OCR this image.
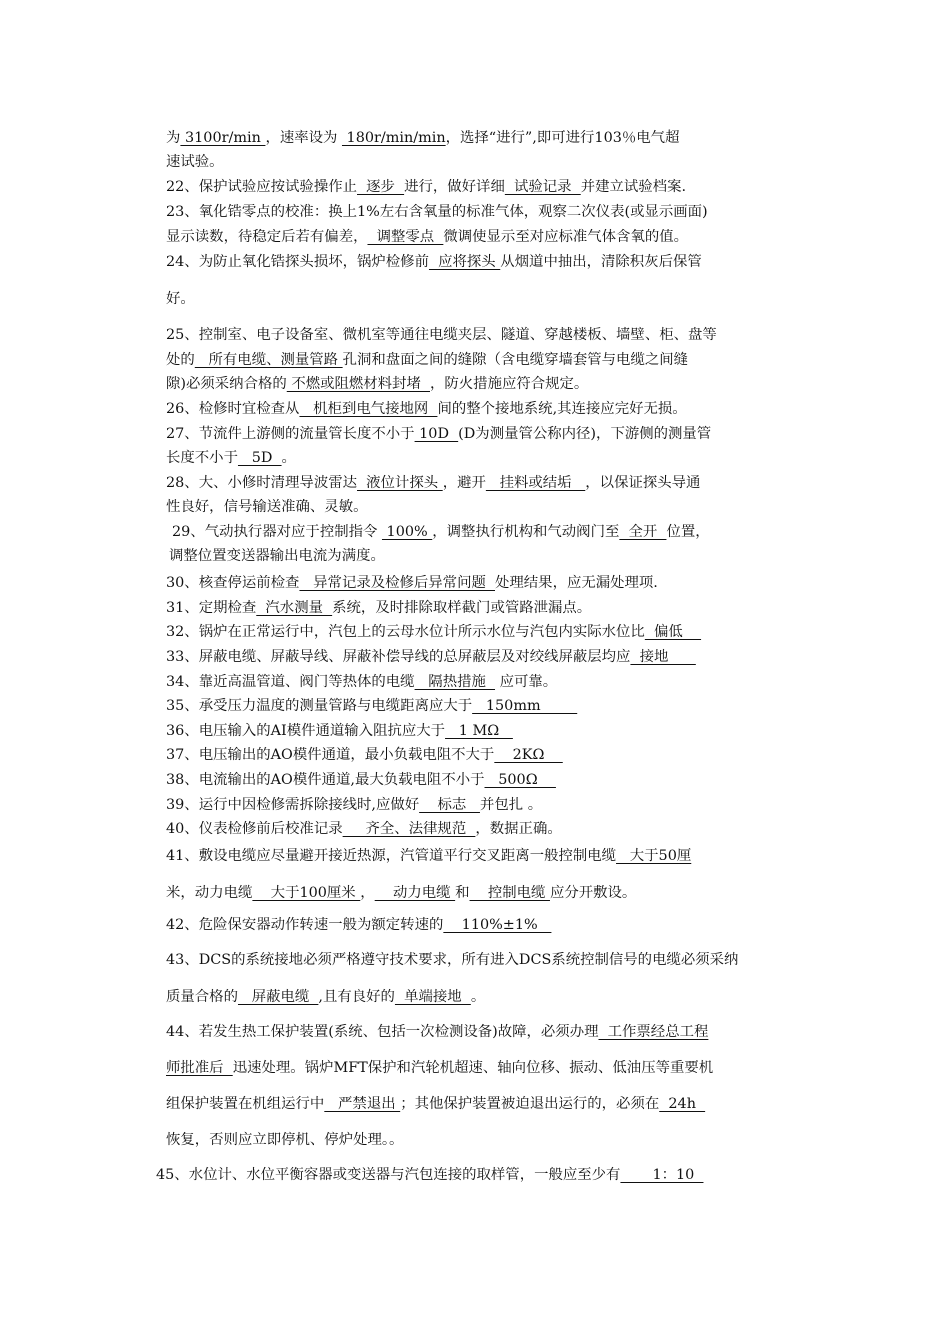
为 3100r/min ，速率设为  180r/min/min，选择“进行”,即可进行103％电气超
速试验。
22、保护试验应按试验操作止  逐步  进行，做好详细  试验记录  并建立试验档案.
23、氧化锆零点的校准：换上1%左右含氧量的标准气体，观察二次仪表(或显示画面)
显示读数，待稳定后若有偏差，  调整零点  微调使显示至对应标准气体含氧的值。
24、为防止氧化锆探头损坏，锅炉检修前  应将探头 从烟道中抽出，清除积灰后保管
好。
25、控制室、电子设备室、微机室等通往电缆夹层、隧道、穿越楼板、墙壁、柜、盘等
处的   所有电缆、测量管路 孔洞和盘面之间的缝隙（含电缆穿墙套管与电缆之间缝
隙)必须采纳合格的 不燃或阻燃材料封堵  ，防火措施应符合规定。
26、检修时宜检查从   机柜到电气接地网  间的整个接地系统,其连接应完好无损。
27、节流件上游侧的流量管长度不小于 10D  (D为测量管公称内径)，下游侧的测量管
长度不小于   5D  。
28、大、小修时清理导波雷达  液位计探头 ，避开   挂料或结垢   ，以保证探头导通
性良好，信号输送准确、灵敏。
29、气动执行器对应于控制指令  100% ，调整执行机构和气动阀门至  全开  位置，
调整位置变送器输出电流为满度。
30、核查停运前检查   异常记录及检修后异常问题  处理结果，应无漏处理项.
31、定期检查  汽水测量  系统，及时排除取样截门或管路泄漏点。
32、锅炉在正常运行中，汽包上的云母水位计所示水位与汽包内实际水位比  偏低
33、屏蔽电缆、屏蔽导线、屏蔽补偿导线的总屏蔽层及对绞线屏蔽层均应  接地
34、靠近高温管道、阀门等热体的电缆   隔热措施   应可靠。
35、承受压力温度的测量管路与电缆距离应大于   150mm
36、电压输入的AI模件通道输入阻抗应大于   1 MΩ
37、电压输出的AO模件通道，最小负载电阻不大于    2KΩ
38、电流输出的AO模件通道,最大负载电阻不小于   500Ω
39、运行中因检修需拆除接线时,应做好    标志   并包扎 。
40、仪表检修前后校准记录     齐全、法律规范  ，数据正确。
41、敷设电缆应尽量避开接近热源，汽管道平行交叉距离一般控制电缆   大于50厘
米，动力电缆    大于100厘米 ，    动力电缆 和    控制电缆 应分开敷设。
42、危险保安器动作转速一般为额定转速的    110%±1%
43、DCS的系统接地必须严格遵守技术要求，所有进入DCS系统控制信号的电缆必须采纳
质量合格的   屏蔽电缆  ,且有良好的  单端接地  。
44、若发生热工保护装置(系统、包括一次检测设备)故障，必须办理  工作票经总工程
师批准后  迅速处理。锅炉MFT保护和汽轮机超速、轴向位移、振动、低油压等重要机
组保护装置在机组运行中   严禁退出 ；其他保护装置被迫退出运行的，必须在  24h
恢复，否则应立即停机、停炉处理。。
45、水位计、水位平衡容器或变送器与汽包连接的取样管，一般应至少有       1：10
